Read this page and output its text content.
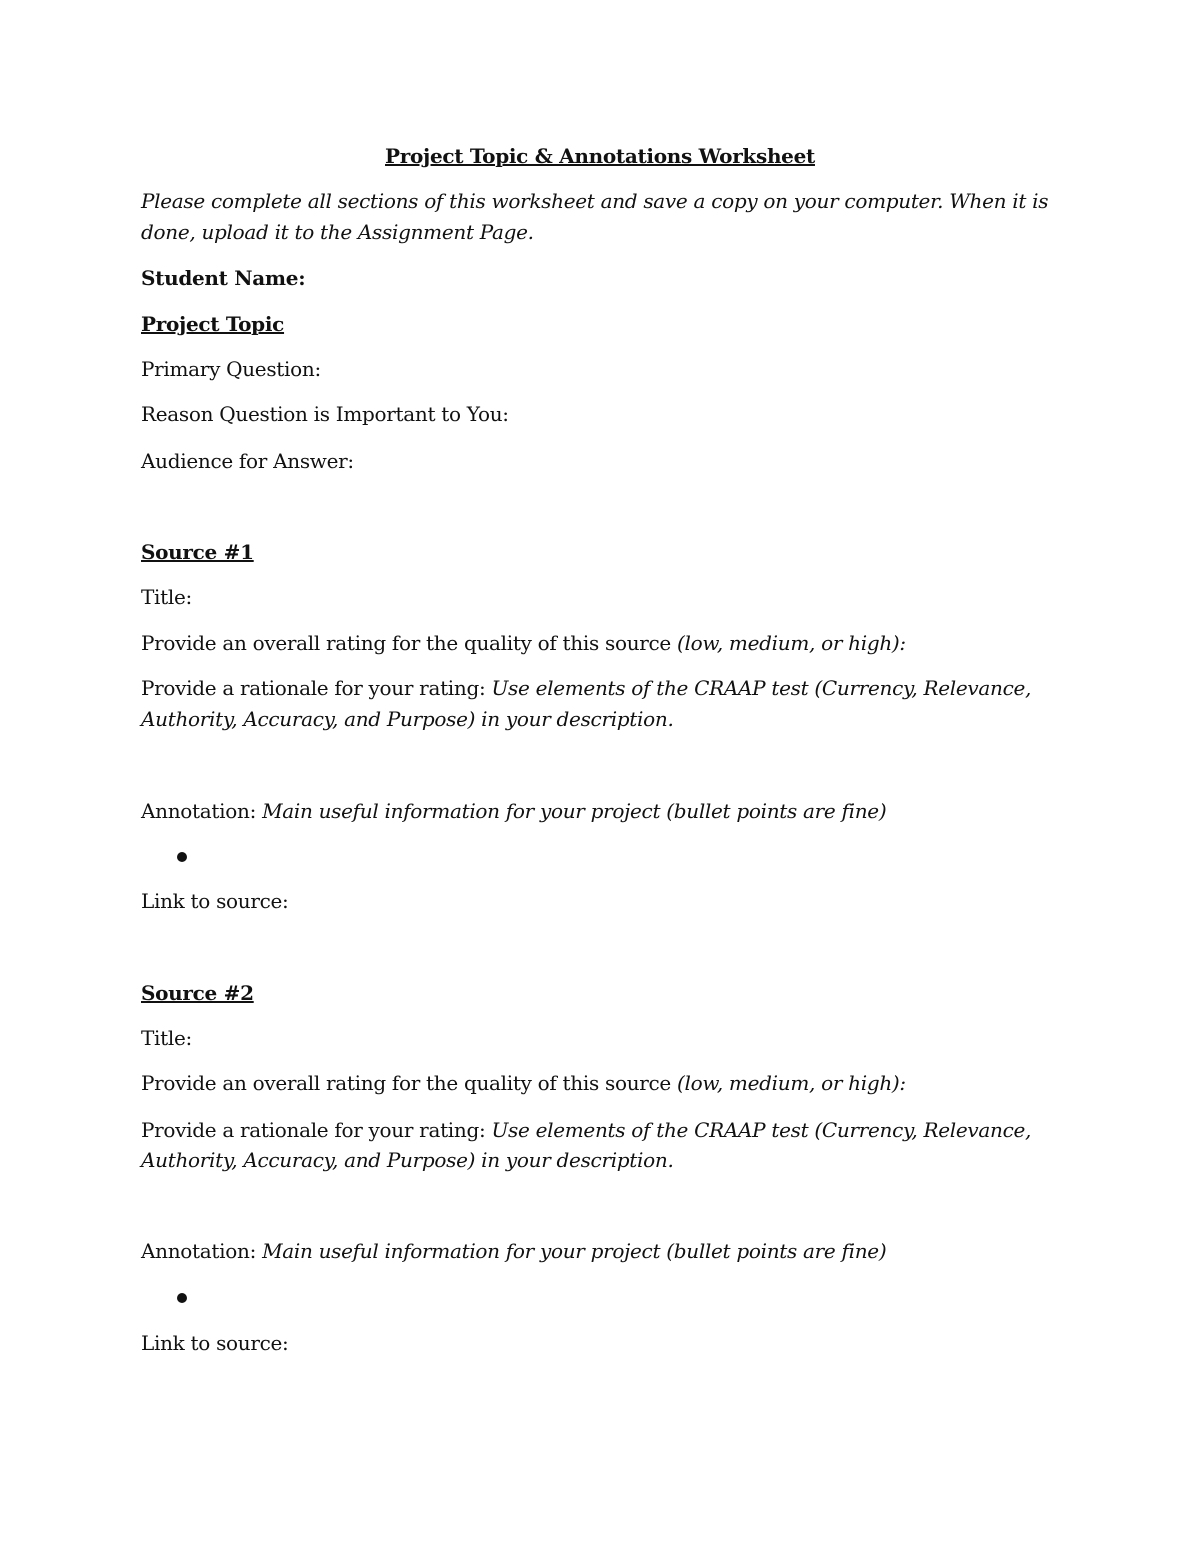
Project Topic & Annotations Worksheet
Please complete all sections of this worksheet and save a copy on your computer. When it is
done, upload it to the Assignment Page.
Student Name:
Project Topic
Primary Question:
Reason Question is Important to You:
Audience for Answer:
Source #1
Title:
Provide an overall rating for the quality of this source (low, medium, or high):
Provide a rationale for your rating: Use elements of the CRAAP test (Currency, Relevance,
Authority, Accuracy, and Purpose) in your description.
Annotation: Main useful information for your project (bullet points are fine)
Link to source:
Source #2
Title:
Provide an overall rating for the quality of this source (low, medium, or high):
Provide a rationale for your rating: Use elements of the CRAAP test (Currency, Relevance,
Authority, Accuracy, and Purpose) in your description.
Annotation: Main useful information for your project (bullet points are fine)
Link to source:
